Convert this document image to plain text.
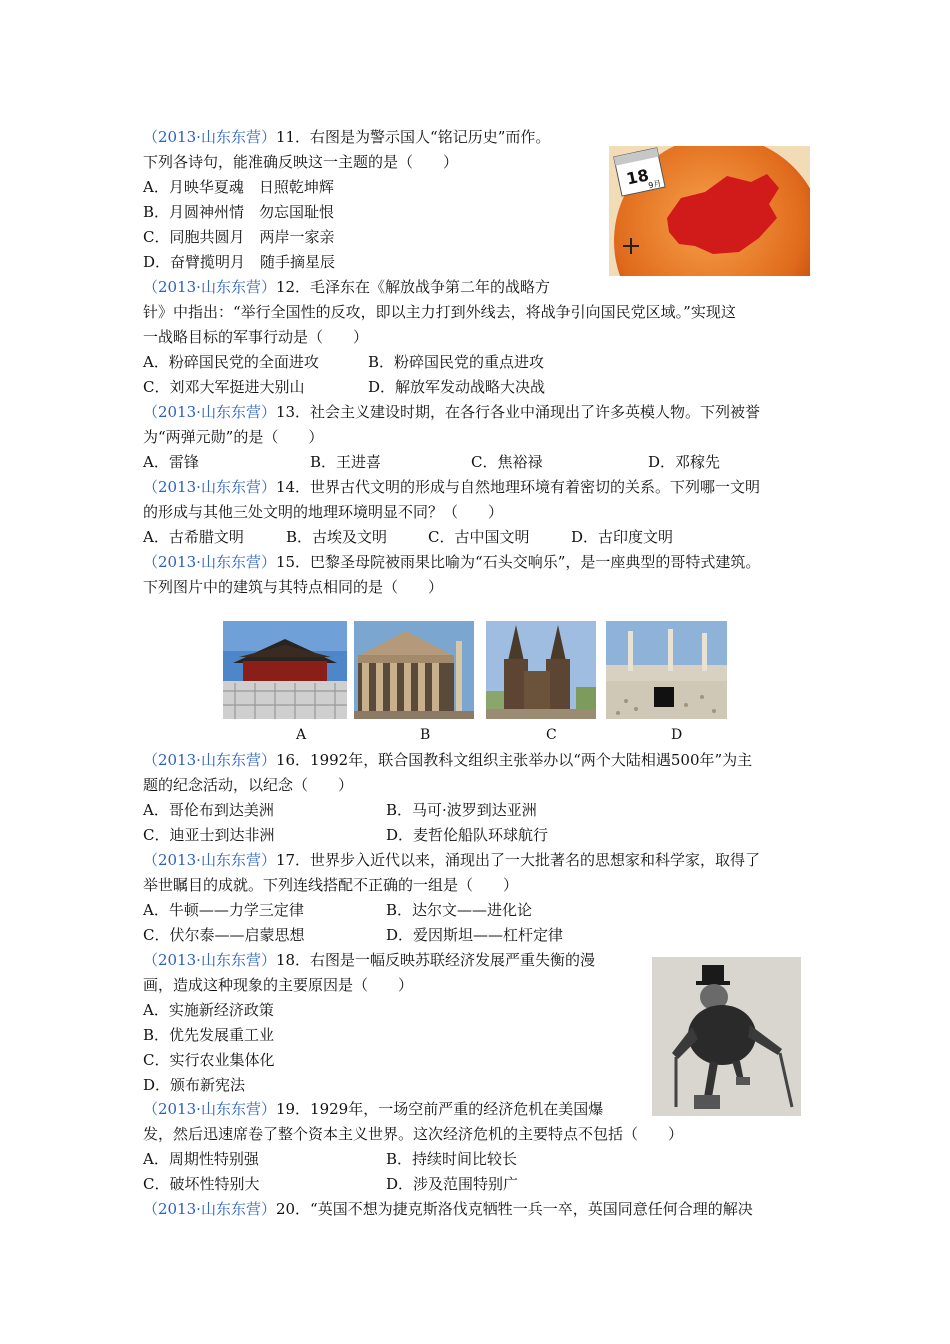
（2013·山东东营）11．右图是为警示国人“铭记历史”而作。
下列各诗句，能准确反映这一主题的是（　　）
A．月映华夏魂　日照乾坤辉
B．月圆神州情　勿忘国耻恨
C．同胞共圆月　两岸一家亲
D．奋臂揽明月　随手摘星辰
18
9月
（2013·山东东营）12．毛泽东在《解放战争第二年的战略方
针》中指出：“举行全国性的反攻，即以主力打到外线去，将战争引向国民党区域。”实现这
一战略目标的军事行动是（　　）
A．粉碎国民党的全面进攻	B．粉碎国民党的重点进攻
C．刘邓大军挺进大别山	D．解放军发动战略大决战
（2013·山东东营）13．社会主义建设时期，在各行各业中涌现出了许多英模人物。下列被誉
为“两弹元勋”的是（　　）
A．雷锋	B．王进喜	C．焦裕禄	D．邓稼先
（2013·山东东营）14．世界古代文明的形成与自然地理环境有着密切的关系。下列哪一文明
的形成与其他三处文明的地理环境明显不同？（　　）
A．古希腊文明	B．古埃及文明	C．古中国文明	D．古印度文明
（2013·山东东营）15．巴黎圣母院被雨果比喻为“石头交响乐”，是一座典型的哥特式建筑。
下列图片中的建筑与其特点相同的是（　　）
A	B	C	D
（2013·山东东营）16．1992年，联合国教科文组织主张举办以“两个大陆相遇500年”为主
题的纪念活动，以纪念（　　）
A．哥伦布到达美洲	B．马可·波罗到达亚洲
C．迪亚士到达非洲	D．麦哲伦船队环球航行
（2013·山东东营）17．世界步入近代以来，涌现出了一大批著名的思想家和科学家，取得了
举世瞩目的成就。下列连线搭配不正确的一组是（　　）
A．牛顿——力学三定律	B．达尔文——进化论
C．伏尔泰——启蒙思想	D．爱因斯坦——杠杆定律
（2013·山东东营）18．右图是一幅反映苏联经济发展严重失衡的漫
画，造成这种现象的主要原因是（　　）
A．实施新经济政策
B．优先发展重工业
C．实行农业集体化
D．颁布新宪法
（2013·山东东营）19．1929年，一场空前严重的经济危机在美国爆
发，然后迅速席卷了整个资本主义世界。这次经济危机的主要特点不包括（　　）
A．周期性特别强	B．持续时间比较长
C．破坏性特别大	D．涉及范围特别广
（2013·山东东营）20．“英国不想为捷克斯洛伐克牺牲一兵一卒，英国同意任何合理的解决
